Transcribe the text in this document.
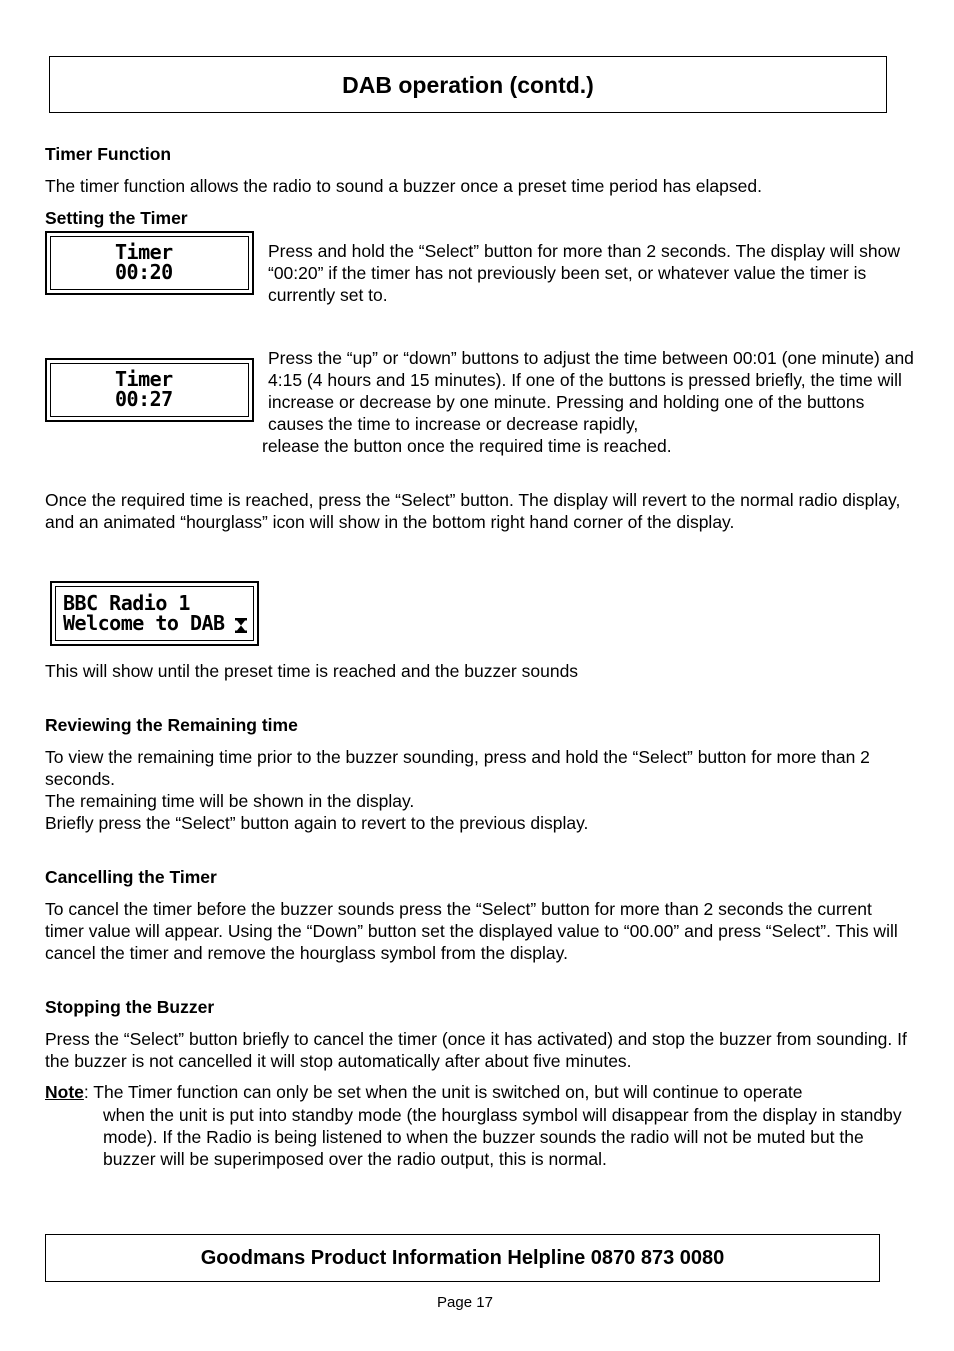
DAB operation (contd.)

Timer Function

The timer function allows the radio to sound a buzzer once a preset time period has elapsed.

Setting the Timer

Timer
00:20

Press and hold the “Select” button for more than 2 seconds. The display will show “00:20” if the timer has not previously been set, or whatever value the timer is currently set to.

Timer
00:27

Press the “up” or “down” buttons to adjust the time between 00:01 (one minute) and 4:15 (4 hours and 15 minutes). If one of the buttons is pressed briefly, the time will increase or decrease by one minute. Pressing and holding one of the buttons causes the time to increase or decrease rapidly,

release the button once the required time is reached.

Once the required time is reached, press the “Select” button. The display will revert to the normal radio display, and an animated “hourglass” icon will show in the bottom right hand corner of the display.

BBC Radio 1
Welcome to DAB

This will show until the preset time is reached and the buzzer sounds

Reviewing the Remaining time

To view the remaining time prior to the buzzer sounding, press and hold the “Select” button for more than 2 seconds.

The remaining time will be shown in the display.

Briefly press the “Select” button again to revert to the previous display.

Cancelling the Timer

To cancel the timer before the buzzer sounds press the “Select” button for more than 2 seconds the current timer value will appear. Using the “Down” button set the displayed value to “00.00” and press “Select”. This will cancel the timer and remove the hourglass symbol from the display.

Stopping the Buzzer

Press the “Select” button briefly to cancel the timer (once it has activated) and stop the buzzer from sounding. If the buzzer is not cancelled it will stop automatically after about five minutes.

Note: The Timer function can only be set when the unit is switched on, but will continue to operate

when the unit is put into standby mode (the hourglass symbol will disappear from the display in standby mode). If the Radio is being listened to when the buzzer sounds the radio will not be muted but the buzzer will be superimposed over the radio output, this is normal.

Goodmans Product Information Helpline 0870 873 0080

Page 17
